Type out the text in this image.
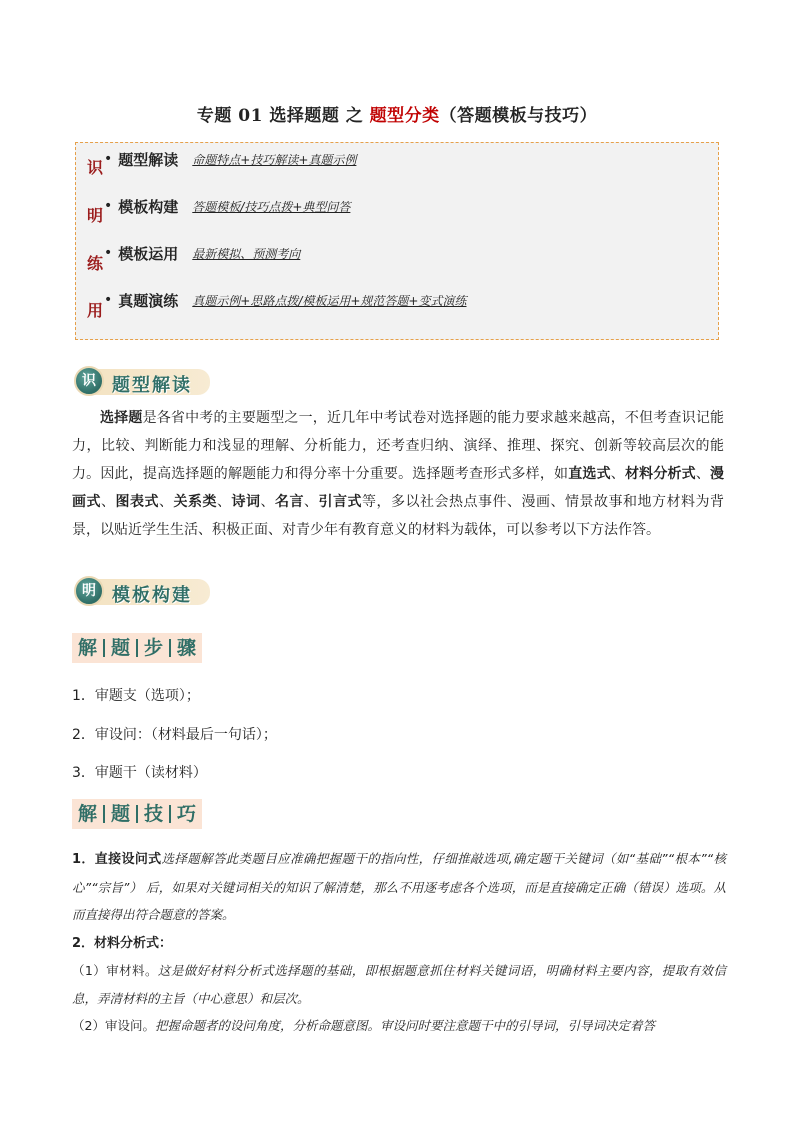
专题 01 选择题题 之 题型分类（答题模板与技巧）
识
明
练
用
• 题型解读 命题特点+技巧解读+真题示例
• 模板构建 答题模板/技巧点拨+典型问答
• 模板运用 最新模拟、预测考向
• 真题演练 真题示例+思路点拨/模板运用+规范答题+变式演练
识 题型解读
选择题是各省中考的主要题型之一，近几年中考试卷对选择题的能力要求越来越高，不但考查识记能力，比较、判断能力和浅显的理解、分析能力，还考查归纳、演绎、推理、探究、创新等较高层次的能力。因此，提高选择题的解题能力和得分率十分重要。选择题考查形式多样，如直选式、材料分析式、漫画式、图表式、关系类、诗词、名言、引言式等，多以社会热点事件、漫画、情景故事和地方材料为背景，以贴近学生生活、积极正面、对青少年有教育意义的材料为载体，可以参考以下方法作答。
明 模板构建
解 题 步 骤
1．审题支（选项）；
2．审设问：（材料最后一句话）；
3．审题干（读材料）
解 题 技 巧

1．直接设问式选择题解答此类题目应准确把握题干的指向性，仔细推敲选项,确定题干关键词（如“基础”“根本”“核心”“宗旨”） 后，如果对关键词相关的知识了解清楚，那么不用逐考虑各个选项，而是直接确定正确（错误）选项。从而直接得出符合题意的答案。

2．材料分析式：

（1）审材料。这是做好材料分析式选择题的基础，即根据题意抓住材料关键词语，明确材料主要内容，提取有效信息，弄清材料的主旨（中心意思）和层次。

（2）审设问。把握命题者的设问角度，分析命题意图。审设问时要注意题干中的引导词，引导词决定着答
